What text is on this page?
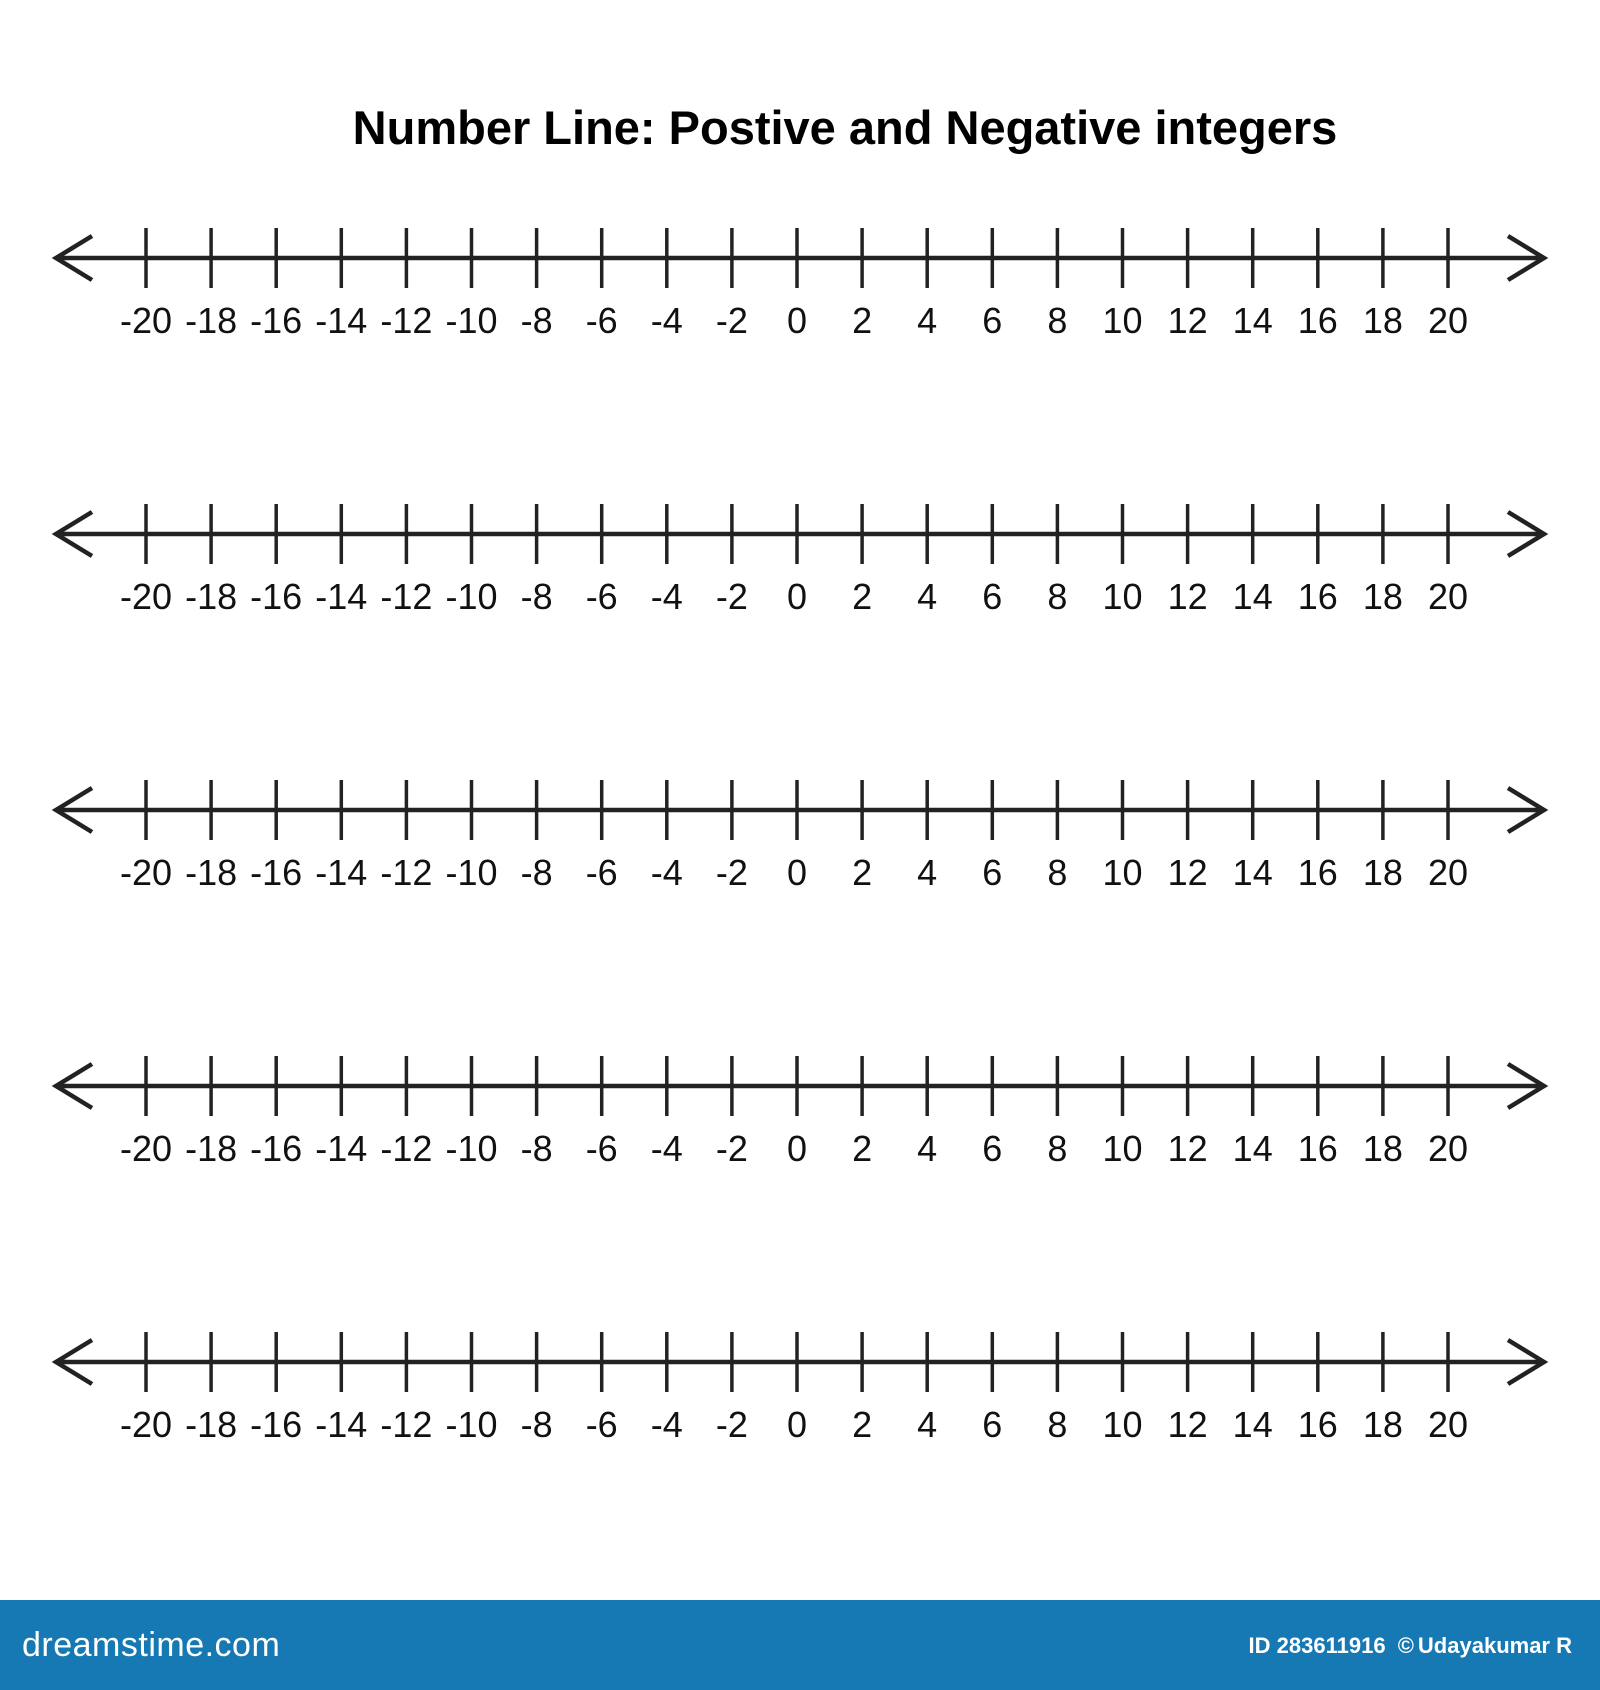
Number Line: Postive and Negative integers
-20 -18 -16 -14 -12 -10 -8 -6 -4 -2 0 2 4 6 8 10 12 14 16 18 20
-20 -18 -16 -14 -12 -10 -8 -6 -4 -2 0 2 4 6 8 10 12 14 16 18 20
-20 -18 -16 -14 -12 -10 -8 -6 -4 -2 0 2 4 6 8 10 12 14 16 18 20
-20 -18 -16 -14 -12 -10 -8 -6 -4 -2 0 2 4 6 8 10 12 14 16 18 20
-20 -18 -16 -14 -12 -10 -8 -6 -4 -2 0 2 4 6 8 10 12 14 16 18 20
dreamstime.com	ID 283611916 © Udayakumar R
